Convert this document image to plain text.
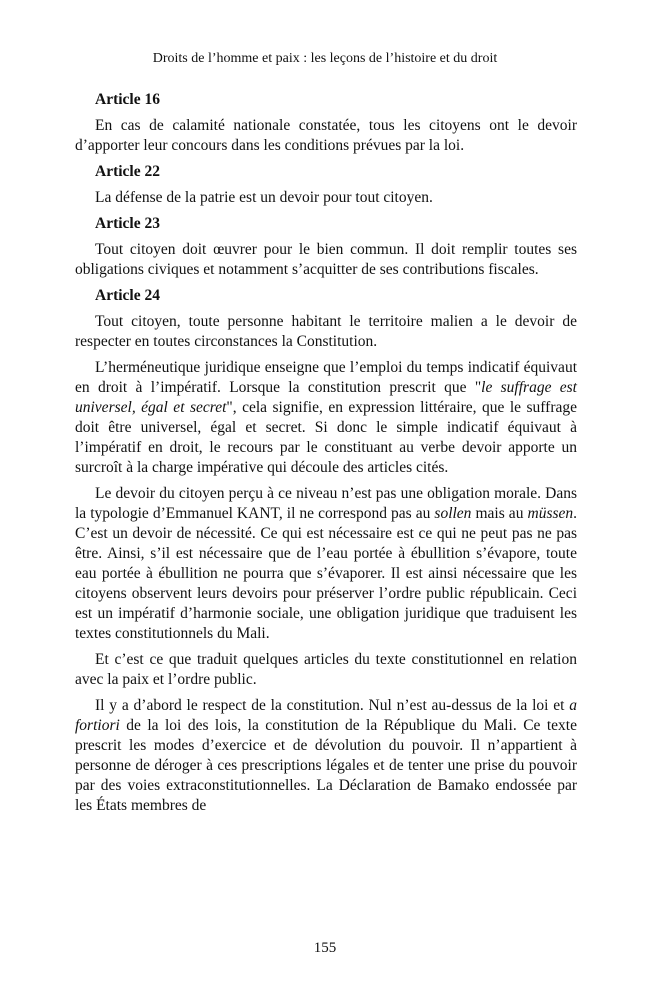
Droits de l’homme et paix : les leçons de l’histoire et du droit
Article 16

En cas de calamité nationale constatée, tous les citoyens ont le devoir d’apporter leur concours dans les conditions prévues par la loi.

Article 22

La défense de la patrie est un devoir pour tout citoyen.

Article 23

Tout citoyen doit œuvrer pour le bien commun. Il doit remplir toutes ses obligations civiques et notamment s’acquitter de ses contributions fiscales.

Article 24

Tout citoyen, toute personne habitant le territoire malien a le devoir de respecter en toutes circonstances la Constitution.

L’herméneutique juridique enseigne que l’emploi du temps indicatif équivaut en droit à l’impératif. Lorsque la constitution prescrit que "le suffrage est universel, égal et secret", cela signifie, en expression littéraire, que le suffrage doit être universel, égal et secret. Si donc le simple indicatif équivaut à l’impératif en droit, le recours par le constituant au verbe devoir apporte un surcroît à la charge impérative qui découle des articles cités.

Le devoir du citoyen perçu à ce niveau n’est pas une obligation morale. Dans la typologie d’Emmanuel KANT, il ne correspond pas au sollen mais au müssen. C’est un devoir de nécessité. Ce qui est nécessaire est ce qui ne peut pas ne pas être. Ainsi, s’il est nécessaire que de l’eau portée à ébullition s’évapore, toute eau portée à ébullition ne pourra que s’évaporer. Il est ainsi nécessaire que les citoyens observent leurs devoirs pour préserver l’ordre public républicain. Ceci est un impératif d’harmonie sociale, une obligation juridique que traduisent les textes constitutionnels du Mali.

Et c’est ce que traduit quelques articles du texte constitutionnel en relation avec la paix et l’ordre public.

Il y a d’abord le respect de la constitution. Nul n’est au-dessus de la loi et a fortiori de la loi des lois, la constitution de la République du Mali. Ce texte prescrit les modes d’exercice et de dévolution du pouvoir. Il n’appartient à personne de déroger à ces prescriptions légales et de tenter une prise du pouvoir par des voies extraconstitutionnelles. La Déclaration de Bamako endossée par les États membres de

155
